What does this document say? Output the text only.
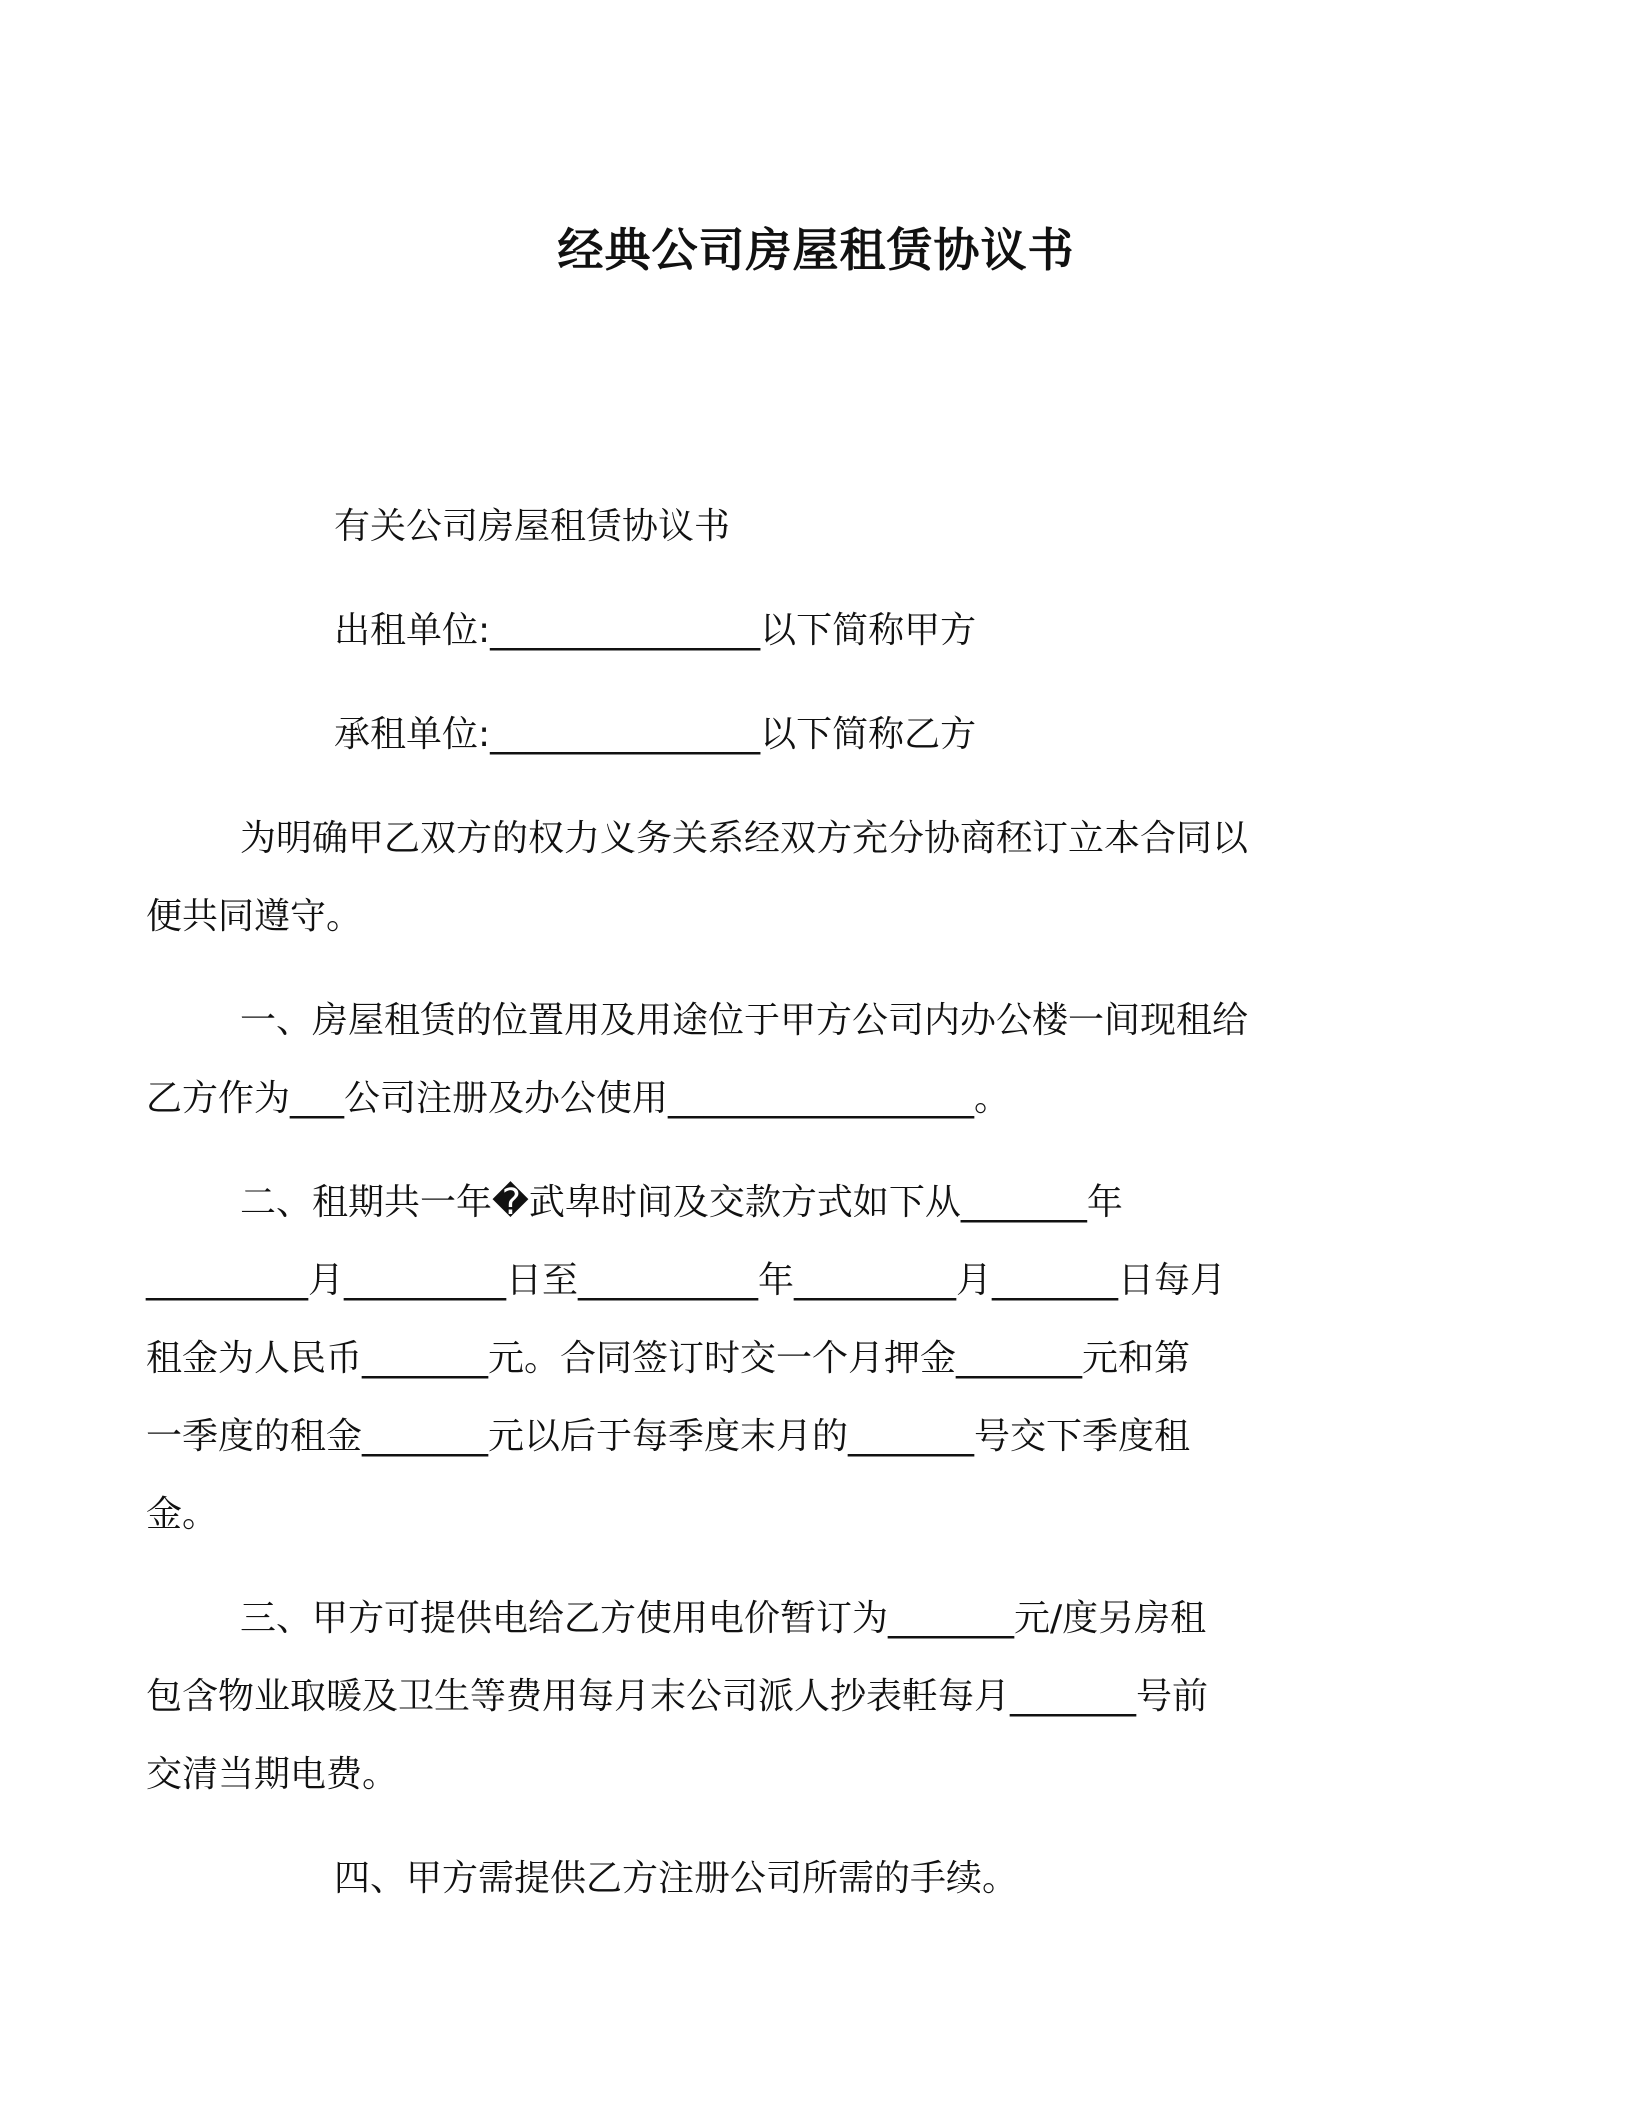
经典公司房屋租赁协议书
有关公司房屋租赁协议书
出租单位:_______________以下简称甲方
承租单位:_______________以下简称乙方
为明确甲乙双方的权力义务关系经双方充分协商秠订立本合同以
便共同遵守。
一、房屋租赁的位置用及用途位于甲方公司内办公楼一间现租给
乙方作为___公司注册及办公使用_________________。
二、租期共一年�武卑时间及交款方式如下从_______年
_________月_________日至__________年_________月_______日每月
租金为人民币_______元。合同签订时交一个月押金_______元和第
一季度的租金_______元以后于每季度末月的_______号交下季度租
金。
三、甲方可提供电给乙方使用电价暂订为_______元/度另房租
包含物业取暖及卫生等费用每月末公司派人抄表軠每月_______号前
交清当期电费。
四、甲方需提供乙方注册公司所需的手续。
